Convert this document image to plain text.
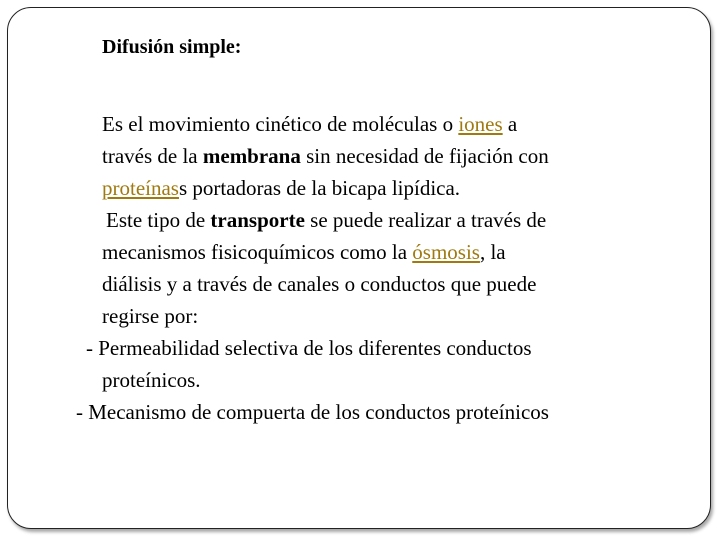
Difusión simple:
Es el movimiento cinético de moléculas o iones a
través de la membrana sin necesidad de fijación con
proteínass portadoras de la bicapa lipídica.
Este tipo de transporte se puede realizar a través de
mecanismos fisicoquímicos como la ósmosis, la
diálisis y a través de canales o conductos que puede
regirse por:
- Permeabilidad selectiva de los diferentes conductos
proteínicos.
- Mecanismo de compuerta de los conductos proteínicos
